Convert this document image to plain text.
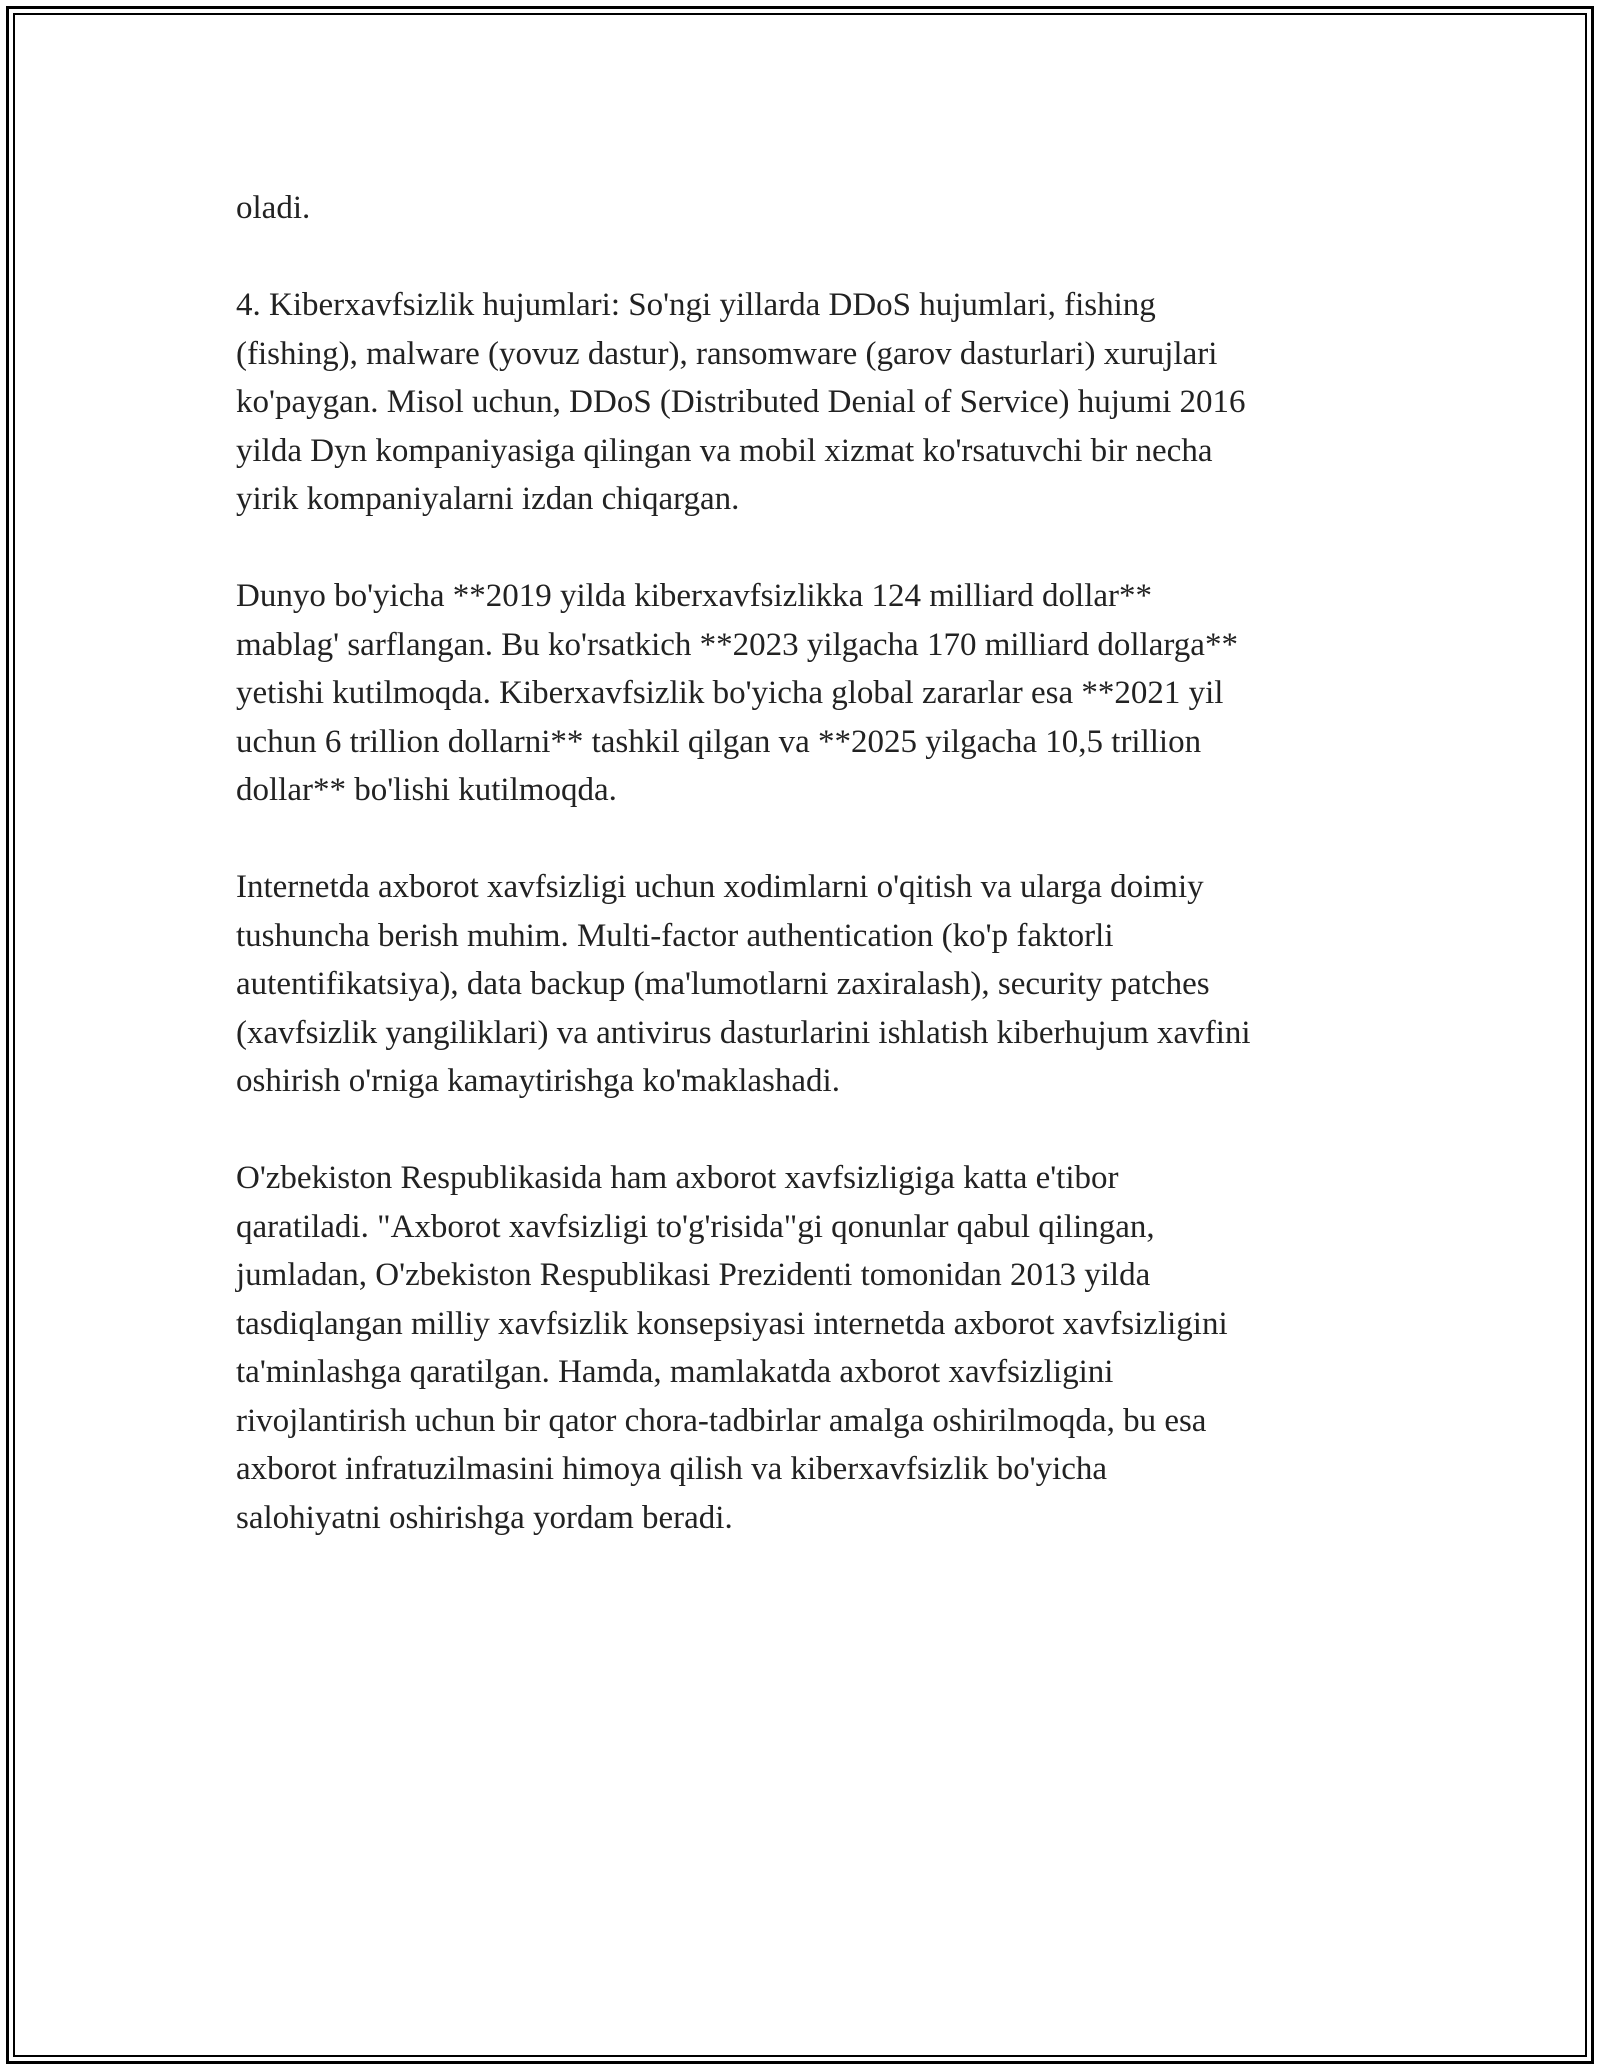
oladi.

4. Kiberxavfsizlik hujumlari: So'ngi yillarda DDoS hujumlari, fishing
(fishing), malware (yovuz dastur), ransomware (garov dasturlari) xurujlari
ko'paygan. Misol uchun, DDoS (Distributed Denial of Service) hujumi 2016
yilda Dyn kompaniyasiga qilingan va mobil xizmat ko'rsatuvchi bir necha
yirik kompaniyalarni izdan chiqargan.

Dunyo bo'yicha **2019 yilda kiberxavfsizlikka 124 milliard dollar**
mablag' sarflangan. Bu ko'rsatkich **2023 yilgacha 170 milliard dollarga**
yetishi kutilmoqda. Kiberxavfsizlik bo'yicha global zararlar esa **2021 yil
uchun 6 trillion dollarni** tashkil qilgan va **2025 yilgacha 10,5 trillion
dollar** bo'lishi kutilmoqda.

Internetda axborot xavfsizligi uchun xodimlarni o'qitish va ularga doimiy
tushuncha berish muhim. Multi-factor authentication (ko'p faktorli
autentifikatsiya), data backup (ma'lumotlarni zaxiralash), security patches
(xavfsizlik yangiliklari) va antivirus dasturlarini ishlatish kiberhujum xavfini
oshirish o'rniga kamaytirishga ko'maklashadi.

O'zbekiston Respublikasida ham axborot xavfsizligiga katta e'tibor
qaratiladi. "Axborot xavfsizligi to'g'risida"gi qonunlar qabul qilingan,
jumladan, O'zbekiston Respublikasi Prezidenti tomonidan 2013 yilda
tasdiqlangan milliy xavfsizlik konsepsiyasi internetda axborot xavfsizligini
ta'minlashga qaratilgan. Hamda, mamlakatda axborot xavfsizligini
rivojlantirish uchun bir qator chora-tadbirlar amalga oshirilmoqda, bu esa
axborot infratuzilmasini himoya qilish va kiberxavfsizlik bo'yicha
salohiyatni oshirishga yordam beradi.
